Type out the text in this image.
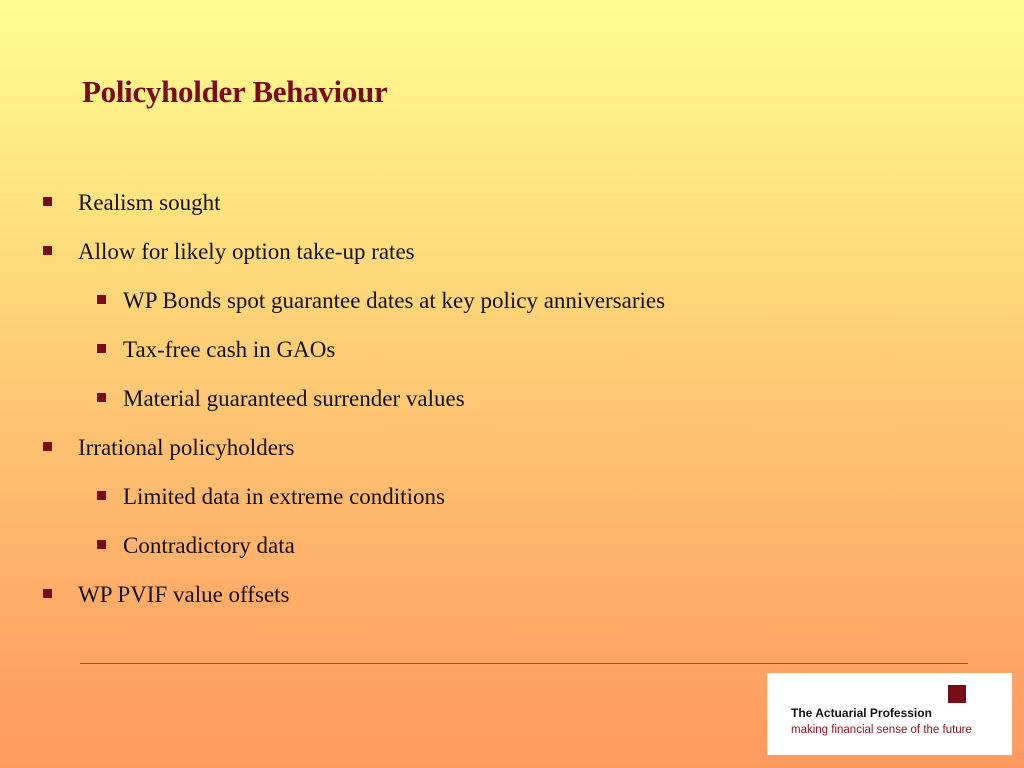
Policyholder Behaviour
Realism sought
Allow for likely option take-up rates
WP Bonds spot guarantee dates at key policy anniversaries
Tax-free cash in GAOs
Material guaranteed surrender values
Irrational policyholders
Limited data in extreme conditions
Contradictory data
WP PVIF value offsets
The Actuarial Profession
making financial sense of the future
